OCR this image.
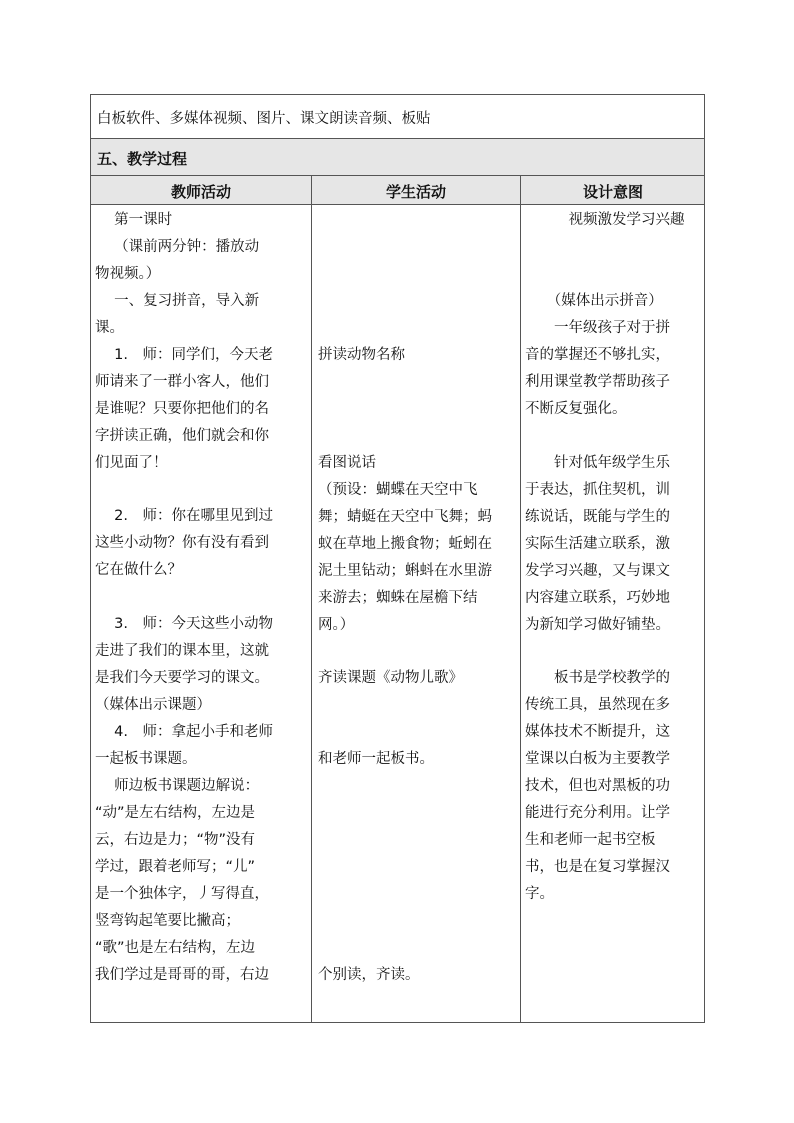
白板软件、多媒体视频、图片、课文朗读音频、板贴
五、教学过程
教师活动	学生活动	设计意图
　 第一课时
　 （课前两分钟：播放动
物视频。）
　 一、复习拼音，导入新
课。
　 1.　师：同学们，今天老
师请来了一群小客人，他们
是谁呢？只要你把他们的名
字拼读正确，他们就会和你
们见面了！
　 2.　师：你在哪里见到过
这些小动物？你有没有看到
它在做什么？
　 3.　师：今天这些小动物
走进了我们的课本里，这就
是我们今天要学习的课文。
（媒体出示课题）
　 4.　师：拿起小手和老师
一起板书课题。
　 师边板书课题边解说：
“动”是左右结构，左边是
云，右边是力；“物”没有
学过，跟着老师写；“儿”
是一个独体字，丿写得直，
竖弯钩起笔要比撇高；
“歌”也是左右结构，左边
我们学过是哥哥的哥，右边
拼读动物名称
看图说话
（预设：蝴蝶在天空中飞
舞；蜻蜓在天空中飞舞；蚂
蚁在草地上搬食物；蚯蚓在
泥土里钻动；蝌蚪在水里游
来游去；蜘蛛在屋檐下结
网。）
齐读课题《动物儿歌》
和老师一起板书。
个别读，齐读。
　　　视频激发学习兴趣
　　（媒体出示拼音）
　　一年级孩子对于拼
音的掌握还不够扎实，
利用课堂教学帮助孩子
不断反复强化。
　　针对低年级学生乐
于表达，抓住契机，训
练说话，既能与学生的
实际生活建立联系，激
发学习兴趣，又与课文
内容建立联系，巧妙地
为新知学习做好铺垫。
　　板书是学校教学的
传统工具，虽然现在多
媒体技术不断提升，这
堂课以白板为主要教学
技术，但也对黑板的功
能进行充分利用。让学
生和老师一起书空板
书，也是在复习掌握汉
字。
